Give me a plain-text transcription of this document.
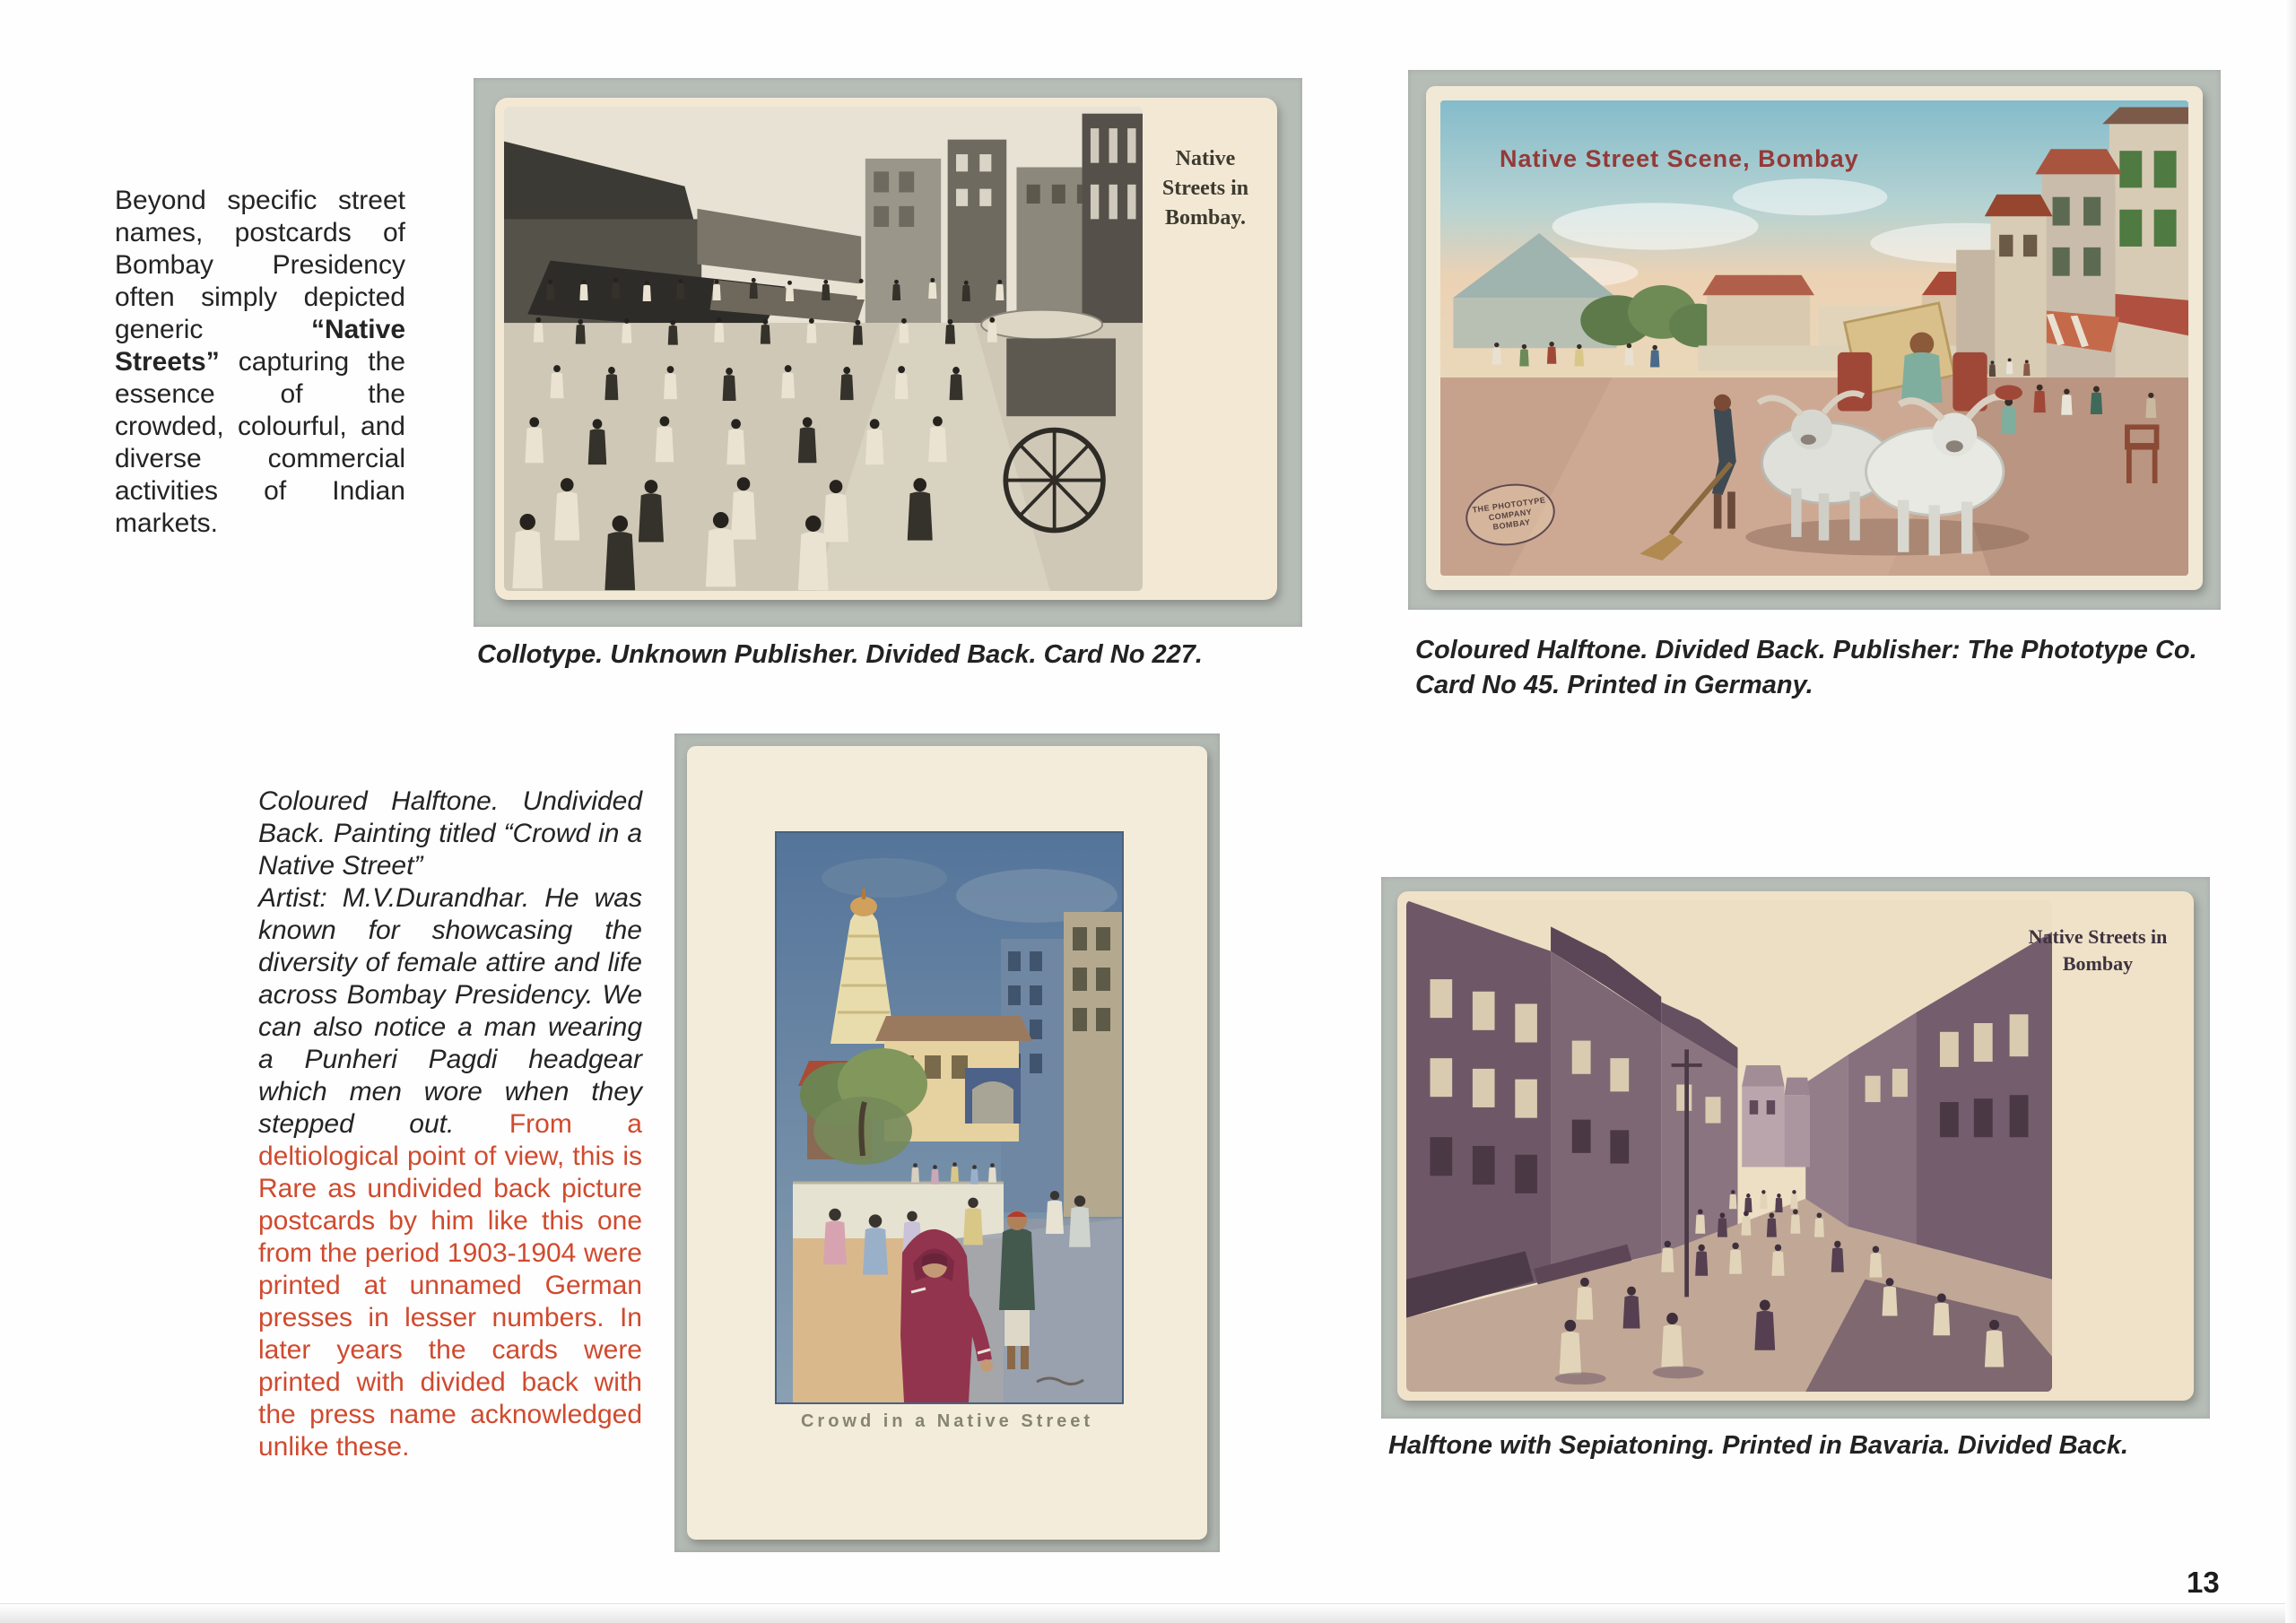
Beyond specific street names, postcards of Bombay Presidency often simply depicted generic “Native Streets” capturing the essence of the crowded, colourful, and diverse commercial activities of Indian markets.
Native Streets in Bombay.
Collotype. Unknown Publisher. Divided Back. Card No 227.
Native Street Scene, Bombay
THE PHOTOTYPE COMPANY BOMBAY
Coloured Halftone. Divided Back. Publisher: The Phototype Co.
Card No 45. Printed in Germany.
Coloured Halftone. Undivided Back. Painting titled “Crowd in a Native Street”
Artist: M.V.Durandhar. He was known for showcasing the diversity of female attire and life across Bombay Presidency. We can also notice a man wearing a Punheri Pagdi headgear which men wore when they stepped out. From a deltiological point of view, this is Rare as undivided back picture postcards by him like this one from the period 1903-1904 were printed at unnamed German presses in lesser numbers. In later years the cards were printed with divided back with the press name acknowledged unlike these.
Crowd in a Native Street
Native Streets in Bombay
Halftone with Sepiatoning. Printed in Bavaria. Divided Back.
13
